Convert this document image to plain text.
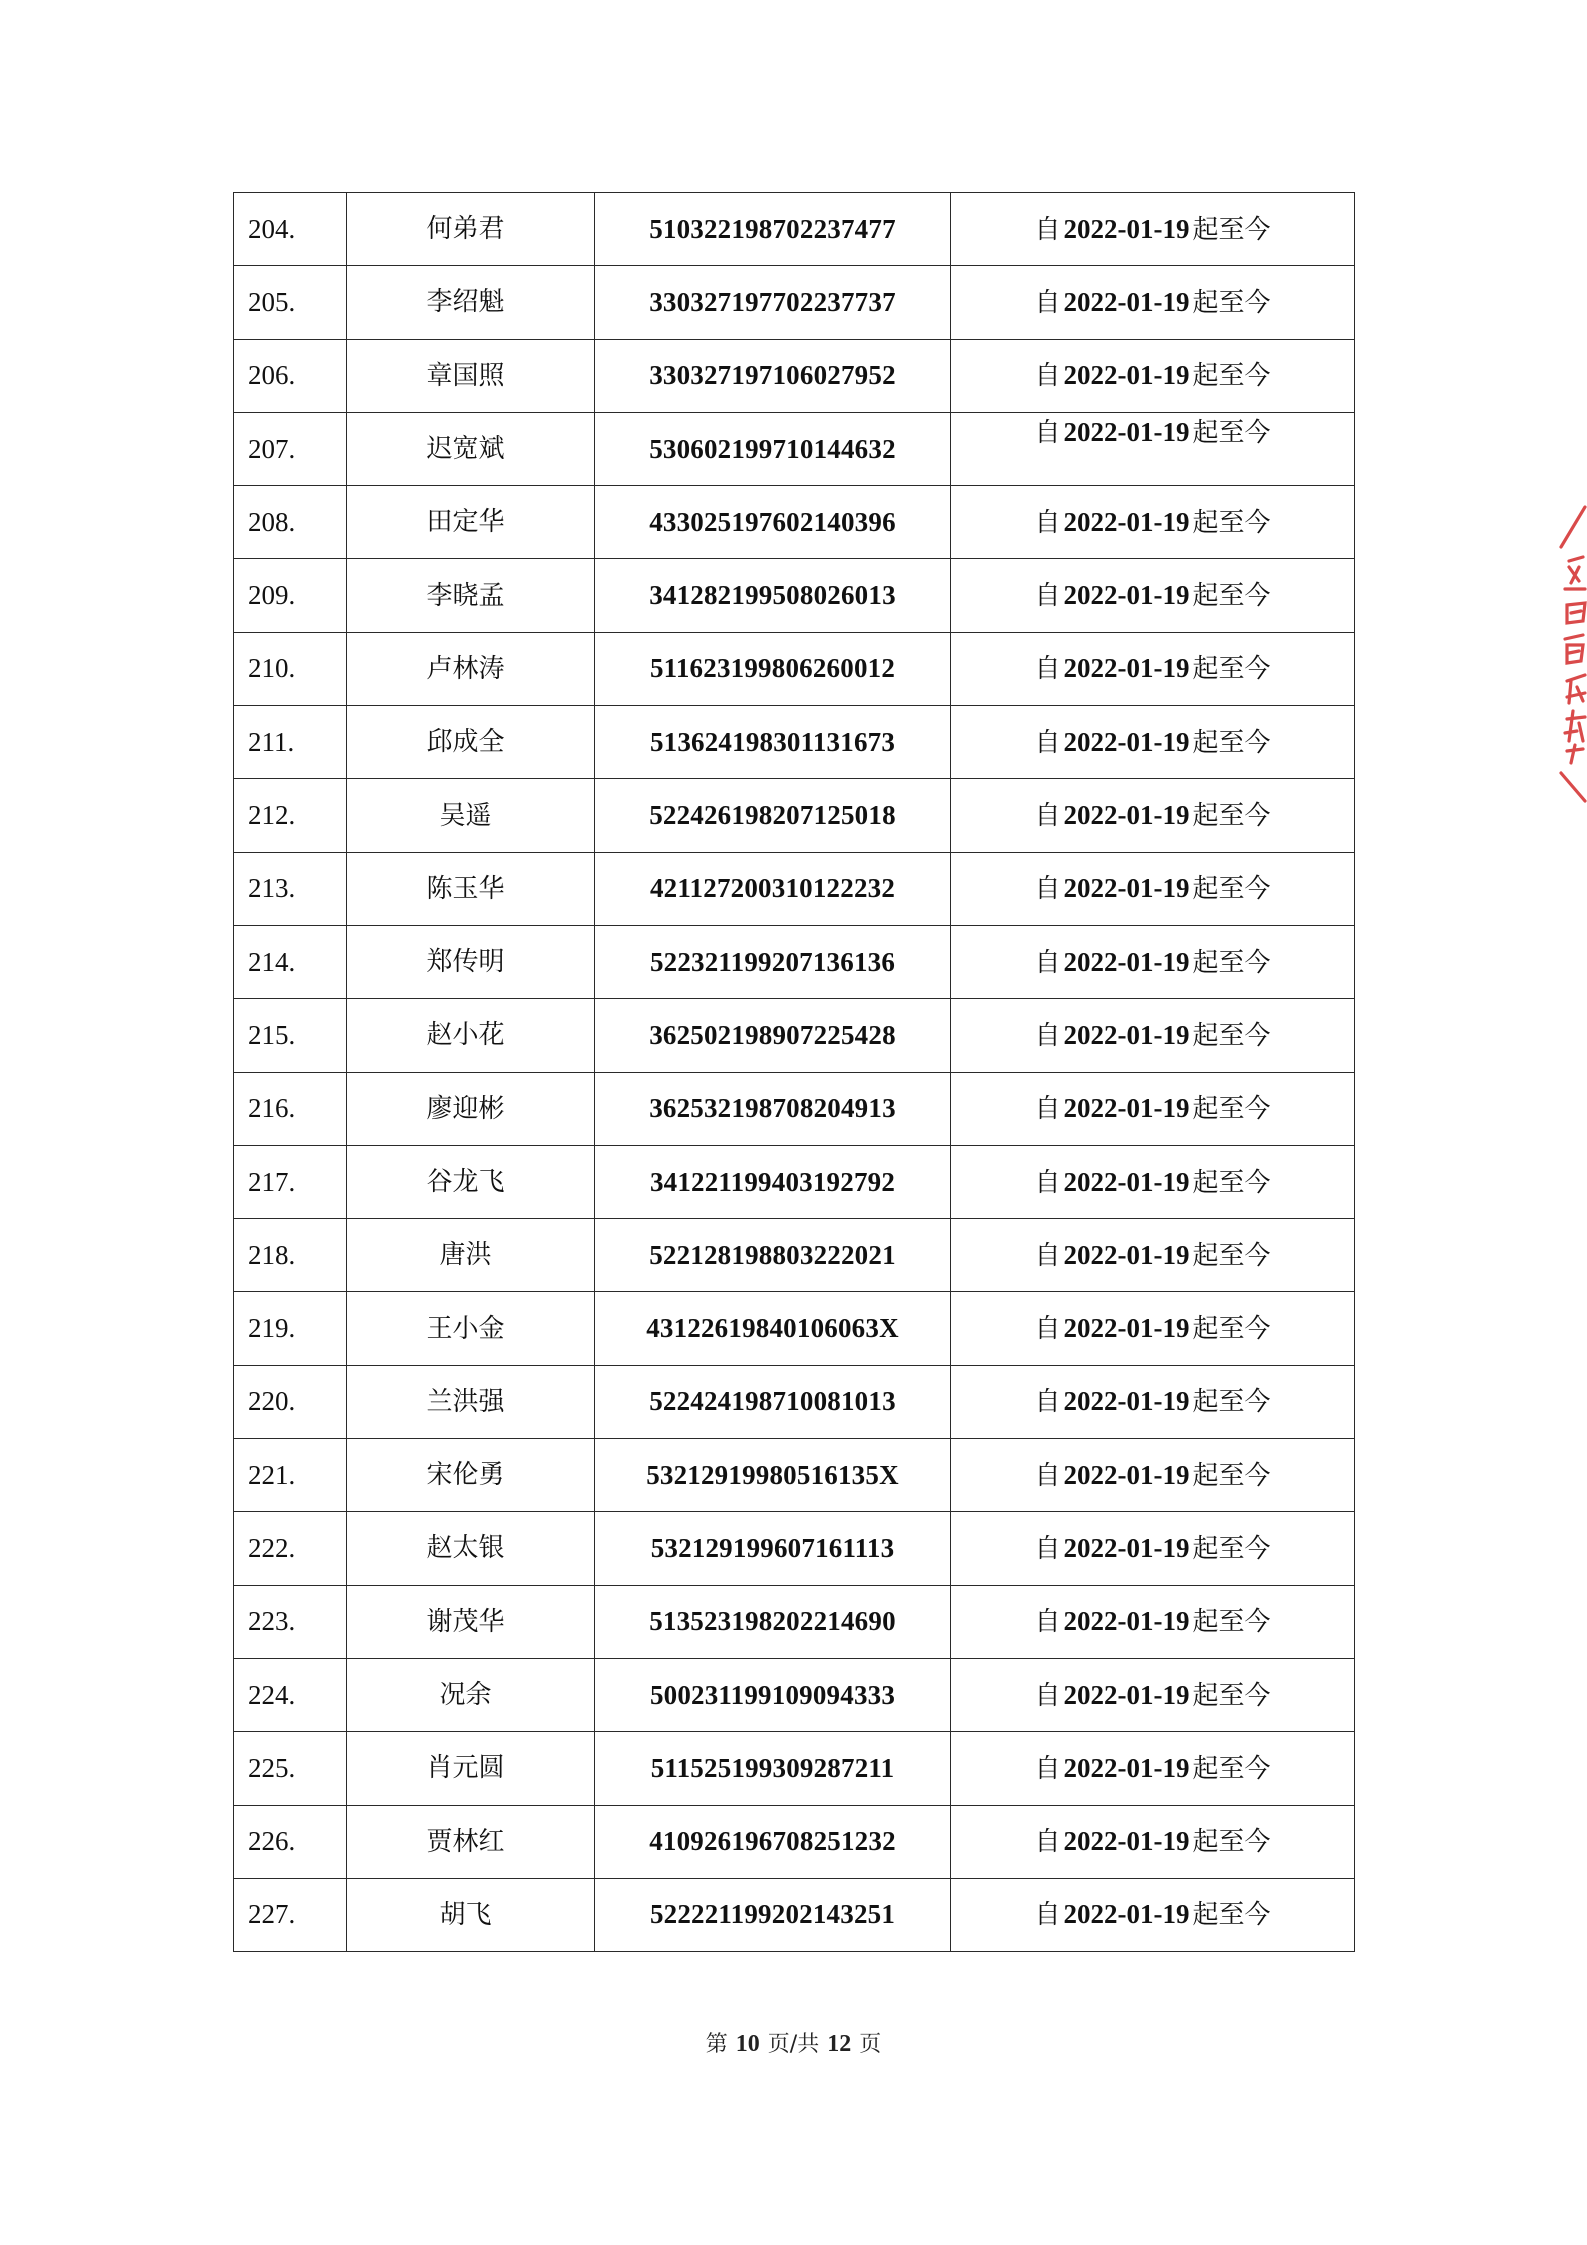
204.	何弟君	510322198702237477	自 2022-01-19 起至今
205.	李绍魁	330327197702237737	自 2022-01-19 起至今
206.	章国照	330327197106027952	自 2022-01-19 起至今
207.	迟宽斌	530602199710144632	自 2022-01-19 起至今
208.	田定华	433025197602140396	自 2022-01-19 起至今
209.	李晓孟	341282199508026013	自 2022-01-19 起至今
210.	卢林涛	511623199806260012	自 2022-01-19 起至今
211.	邱成全	513624198301131673	自 2022-01-19 起至今
212.	吴遥	522426198207125018	自 2022-01-19 起至今
213.	陈玉华	421127200310122232	自 2022-01-19 起至今
214.	郑传明	522321199207136136	自 2022-01-19 起至今
215.	赵小花	362502198907225428	自 2022-01-19 起至今
216.	廖迎彬	362532198708204913	自 2022-01-19 起至今
217.	谷龙飞	341221199403192792	自 2022-01-19 起至今
218.	唐洪	522128198803222021	自 2022-01-19 起至今
219.	王小金	43122619840106063X	自 2022-01-19 起至今
220.	兰洪强	522424198710081013	自 2022-01-19 起至今
221.	宋伦勇	53212919980516135X	自 2022-01-19 起至今
222.	赵太银	532129199607161113	自 2022-01-19 起至今
223.	谢茂华	513523198202214690	自 2022-01-19 起至今
224.	况余	500231199109094333	自 2022-01-19 起至今
225.	肖元圆	511525199309287211	自 2022-01-19 起至今
226.	贾林红	410926196708251232	自 2022-01-19 起至今
227.	胡飞	522221199202143251	自 2022-01-19 起至今
第 10 页/共 12 页
